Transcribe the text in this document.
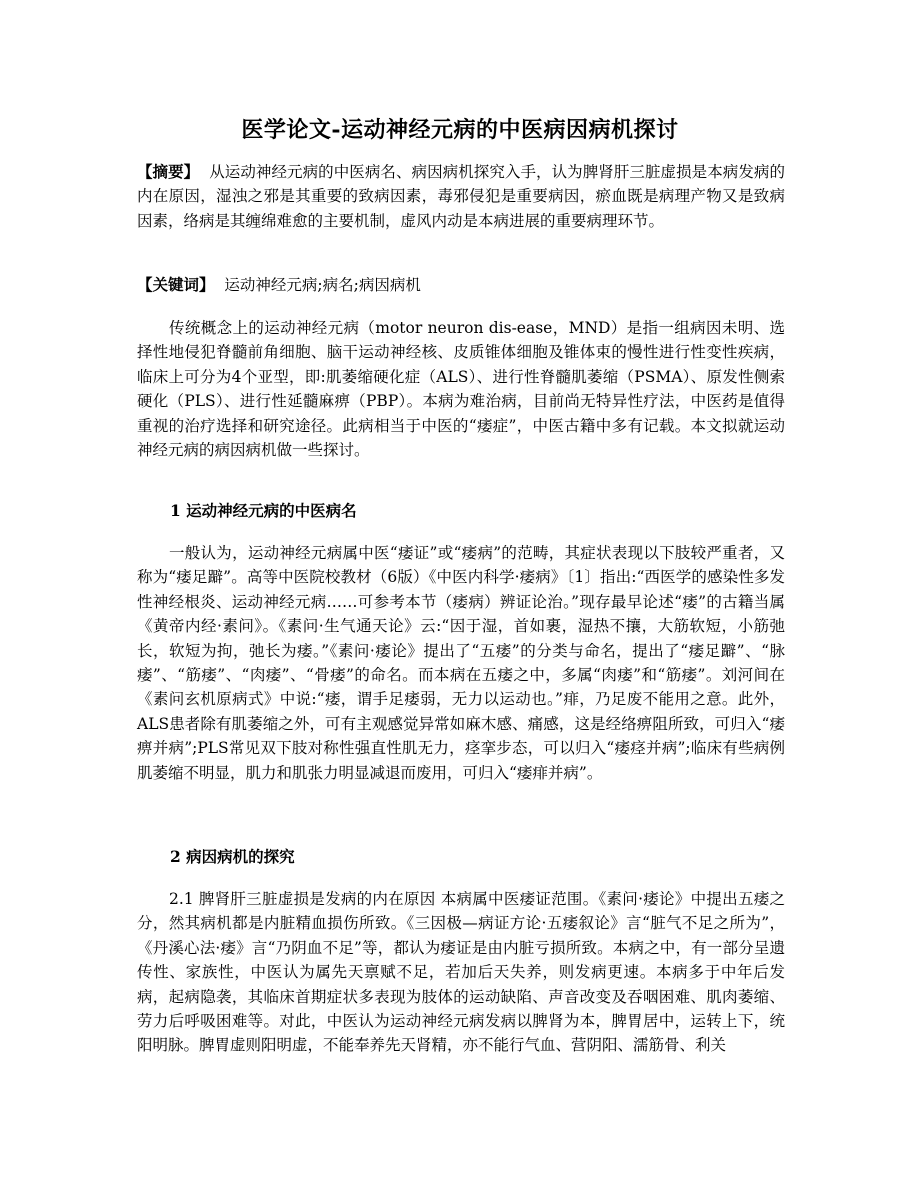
医学论文-运动神经元病的中医病因病机探讨

【摘要】 从运动神经元病的中医病名、病因病机探究入手，认为脾肾肝三脏虚损是本病发病的内在原因，湿浊之邪是其重要的致病因素，毒邪侵犯是重要病因，瘀血既是病理产物又是致病因素，络病是其缠绵难愈的主要机制，虚风内动是本病进展的重要病理环节。

【关键词】 运动神经元病;病名;病因病机

传统概念上的运动神经元病（motor neuron dis-ease，MND）是指一组病因未明、选择性地侵犯脊髓前角细胞、脑干运动神经核、皮质锥体细胞及锥体束的慢性进行性变性疾病，临床上可分为4个亚型，即:肌萎缩硬化症（ALS）、进行性脊髓肌萎缩（PSMA）、原发性侧索硬化（PLS）、进行性延髓麻痹（PBP）。本病为难治病，目前尚无特异性疗法，中医药是值得重视的治疗选择和研究途径。此病相当于中医的“痿症”，中医古籍中多有记载。本文拟就运动神经元病的病因病机做一些探讨。

1 运动神经元病的中医病名

一般认为，运动神经元病属中医“痿证”或“痿病”的范畴，其症状表现以下肢较严重者，又称为“痿足躃”。高等中医院校教材（6版）《中医内科学·痿病》〔1〕指出:“西医学的感染性多发性神经根炎、运动神经元病……可参考本节（痿病）辨证论治。”现存最早论述“痿”的古籍当属《黄帝内经·素问》。《素问·生气通天论》云:“因于湿，首如裹，湿热不攘，大筋软短，小筋弛长，软短为拘，弛长为痿。”《素问·痿论》提出了“五痿”的分类与命名，提出了“痿足躃”、“脉痿”、“筋痿”、“肉痿”、“骨痿”的命名。而本病在五痿之中，多属“肉痿”和“筋痿”。刘河间在《素问玄机原病式》中说:“痿，谓手足痿弱，无力以运动也。”痱，乃足废不能用之意。此外，ALS患者除有肌萎缩之外，可有主观感觉异常如麻木感、痛感，这是经络痹阻所致，可归入“痿痹并病”;PLS常见双下肢对称性强直性肌无力，痉挛步态，可以归入“痿痉并病”;临床有些病例肌萎缩不明显，肌力和肌张力明显减退而废用，可归入“痿痱并病”。

2 病因病机的探究

2.1 脾肾肝三脏虚损是发病的内在原因 本病属中医痿证范围。《素问·痿论》中提出五痿之分，然其病机都是内脏精血损伤所致。《三因极—病证方论·五痿叙论》言“脏气不足之所为”，《丹溪心法·痿》言“乃阴血不足”等，都认为痿证是由内脏亏损所致。本病之中，有一部分呈遗传性、家族性，中医认为属先天禀赋不足，若加后天失养，则发病更速。本病多于中年后发病，起病隐袭，其临床首期症状多表现为肢体的运动缺陷、声音改变及吞咽困难、肌肉萎缩、劳力后呼吸困难等。对此，中医认为运动神经元病发病以脾肾为本，脾胃居中，运转上下，统阳明脉。脾胃虚则阳明虚，不能奉养先天肾精，亦不能行气血、营阴阳、濡筋骨、利关
